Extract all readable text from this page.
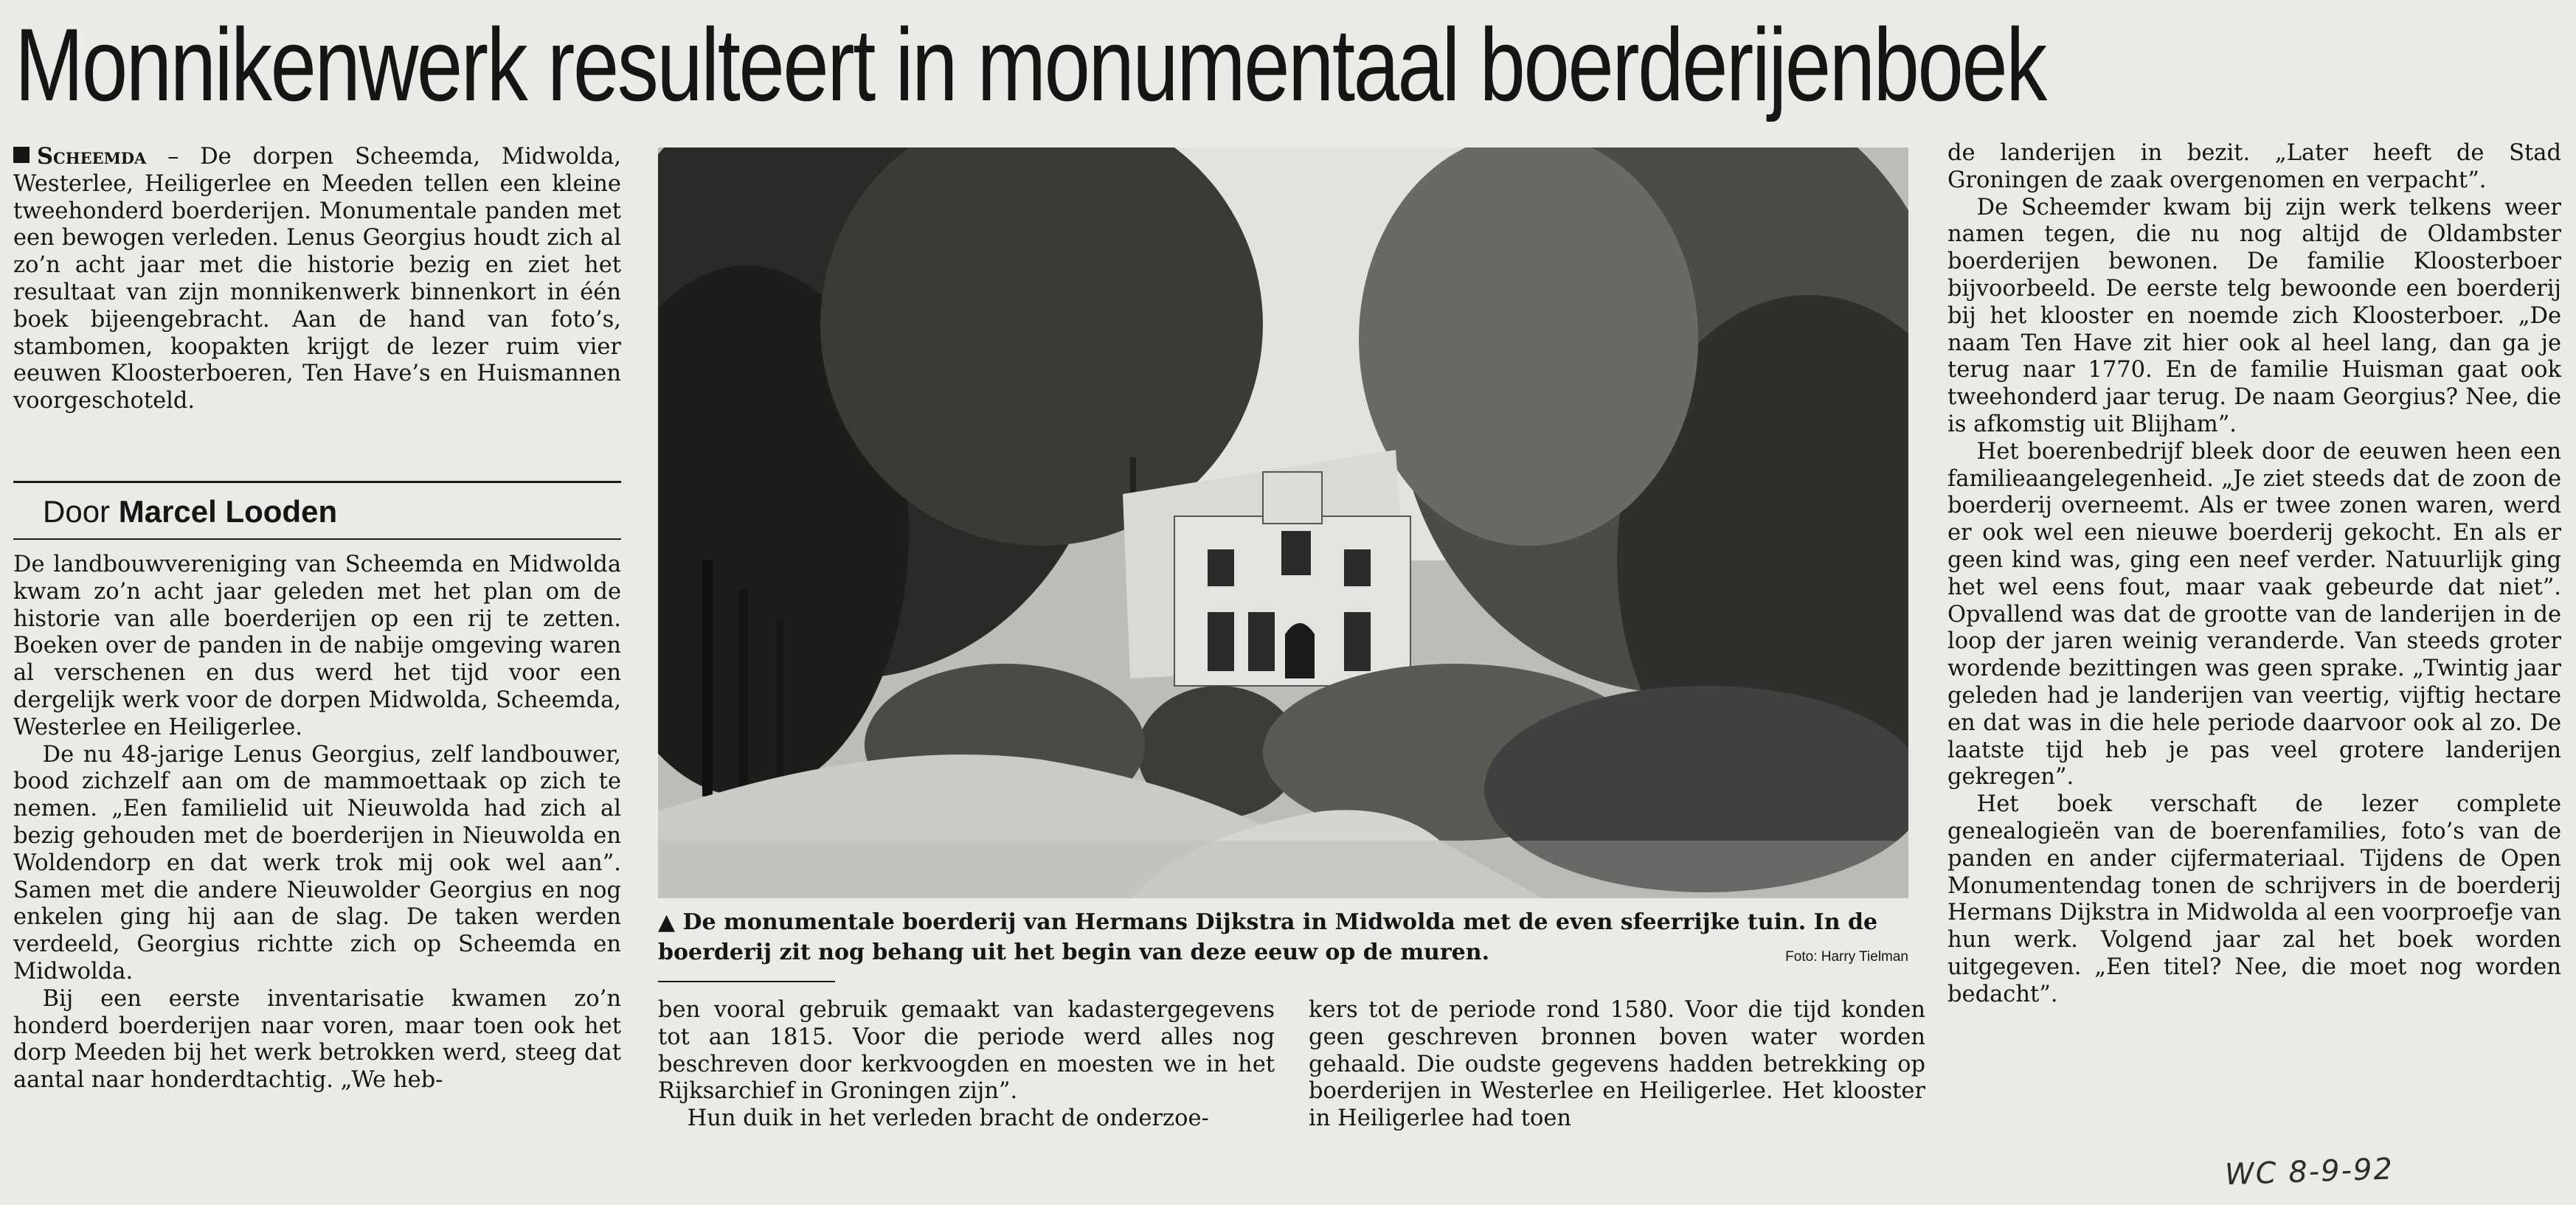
Monnikenwerk resulteert in monumentaal boerderijenboek

Scheemda – De dorpen Scheemda, Midwolda, Westerlee, Heiligerlee en Meeden tellen een kleine tweehonderd boerderijen. Monumentale panden met een bewogen verleden. Lenus Georgius houdt zich al zo’n acht jaar met die historie bezig en ziet het resultaat van zijn monnikenwerk binnenkort in één boek bijeengebracht. Aan de hand van foto’s, stambomen, koopakten krijgt de lezer ruim vier eeuwen Kloosterboeren, Ten Have’s en Huismannen voorgeschoteld.

Door Marcel Looden

De landbouwvereniging van Scheemda en Midwolda kwam zo’n acht jaar geleden met het plan om de historie van alle boerderijen op een rij te zetten. Boeken over de panden in de nabije omgeving waren al verschenen en dus werd het tijd voor een dergelijk werk voor de dorpen Midwolda, Scheemda, Westerlee en Heiligerlee.

De nu 48-jarige Lenus Georgius, zelf landbouwer, bood zichzelf aan om de mammoettaak op zich te nemen. „Een familielid uit Nieuwolda had zich al bezig gehouden met de boerderijen in Nieuwolda en Woldendorp en dat werk trok mij ook wel aan”. Samen met die andere Nieuwolder Georgius en nog enkelen ging hij aan de slag. De taken werden verdeeld, Georgius richtte zich op Scheemda en Midwolda.

Bij een eerste inventarisatie kwamen zo’n honderd boerderijen naar voren, maar toen ook het dorp Meeden bij het werk betrokken werd, steeg dat aantal naar honderdtachtig. „We heb-

▲ De monumentale boerderij van Hermans Dijkstra in Midwolda met de even sfeerrijke tuin. In de boerderij zit nog behang uit het begin van deze eeuw op de muren.	Foto: Harry Tielman

ben vooral gebruik gemaakt van kadastergegevens tot aan 1815. Voor die periode werd alles nog beschreven door kerkvoogden en moesten we in het Rijksarchief in Groningen zijn”.

Hun duik in het verleden bracht de onderzoe-

kers tot de periode rond 1580. Voor die tijd konden geen geschreven bronnen boven water worden gehaald. Die oudste gegevens hadden betrekking op boerderijen in Westerlee en Heiligerlee. Het klooster in Heiligerlee had toen

de landerijen in bezit. „Later heeft de Stad Groningen de zaak overgenomen en verpacht”.

De Scheemder kwam bij zijn werk telkens weer namen tegen, die nu nog altijd de Oldambster boerderijen bewonen. De familie Kloosterboer bijvoorbeeld. De eerste telg bewoonde een boerderij bij het klooster en noemde zich Kloosterboer. „De naam Ten Have zit hier ook al heel lang, dan ga je terug naar 1770. En de familie Huisman gaat ook tweehonderd jaar terug. De naam Georgius? Nee, die is afkomstig uit Blijham”.

Het boerenbedrijf bleek door de eeuwen heen een familieaangelegenheid. „Je ziet steeds dat de zoon de boerderij overneemt. Als er twee zonen waren, werd er ook wel een nieuwe boerderij gekocht. En als er geen kind was, ging een neef verder. Natuurlijk ging het wel eens fout, maar vaak gebeurde dat niet”. Opvallend was dat de grootte van de landerijen in de loop der jaren weinig veranderde. Van steeds groter wordende bezittingen was geen sprake. „Twintig jaar geleden had je landerijen van veertig, vijftig hectare en dat was in die hele periode daarvoor ook al zo. De laatste tijd heb je pas veel grotere landerijen gekregen”.

Het boek verschaft de lezer complete genealogieën van de boerenfamilies, foto’s van de panden en ander cijfermateriaal. Tijdens de Open Monumentendag tonen de schrijvers in de boerderij Hermans Dijkstra in Midwolda al een voorproefje van hun werk. Volgend jaar zal het boek worden uitgegeven. „Een titel? Nee, die moet nog worden bedacht”.

WC 8-9-92
